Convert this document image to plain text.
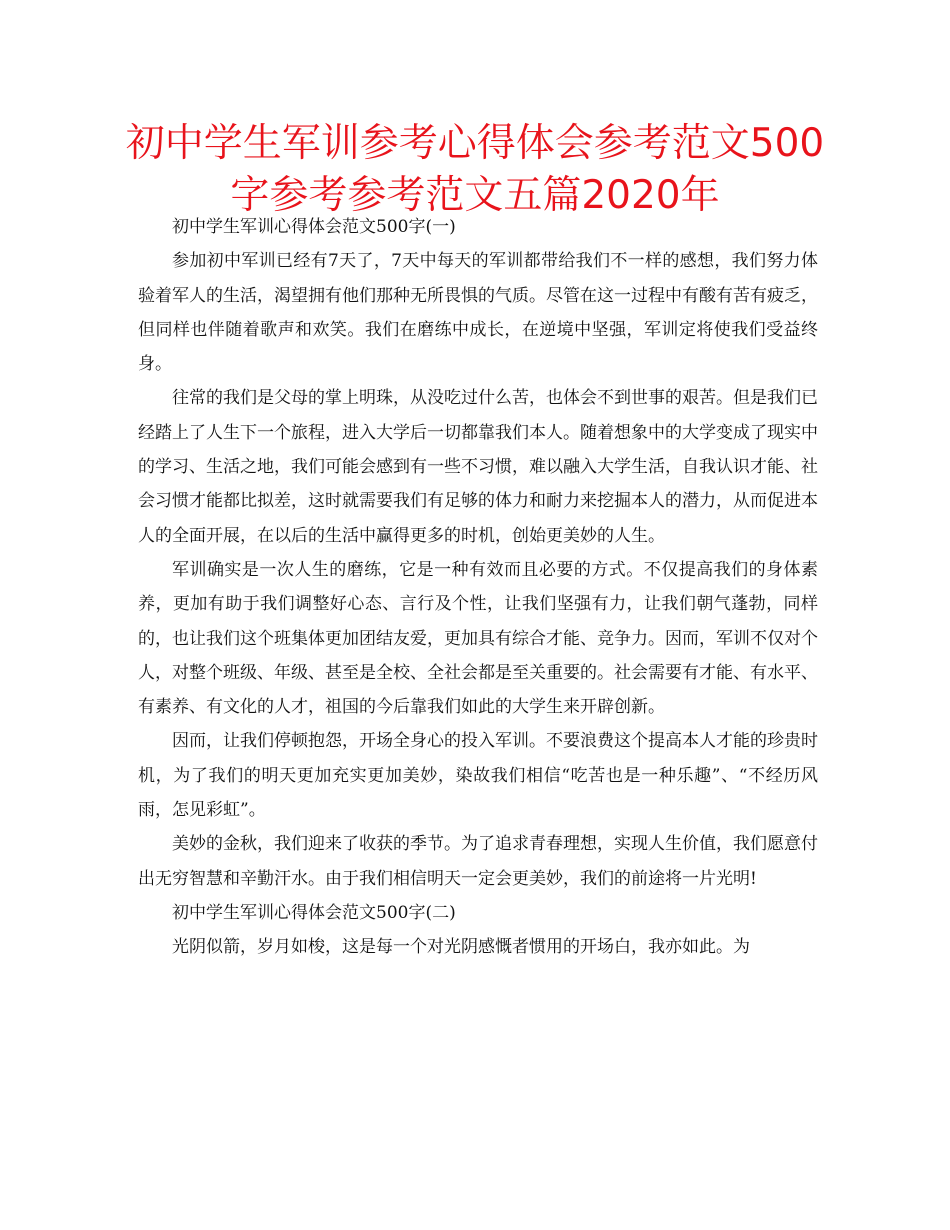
初中学生军训参考心得体会参考范文500字参考参考范文五篇2020年

初中学生军训心得体会范文500字(一)

参加初中军训已经有7天了，7天中每天的军训都带给我们不一样的感想，我们努力体验着军人的生活，渴望拥有他们那种无所畏惧的气质。尽管在这一过程中有酸有苦有疲乏，但同样也伴随着歌声和欢笑。我们在磨练中成长，在逆境中坚强，军训定将使我们受益终身。

往常的我们是父母的掌上明珠，从没吃过什么苦，也体会不到世事的艰苦。但是我们已经踏上了人生下一个旅程，进入大学后一切都靠我们本人。随着想象中的大学变成了现实中的学习、生活之地，我们可能会感到有一些不习惯，难以融入大学生活，自我认识才能、社会习惯才能都比拟差，这时就需要我们有足够的体力和耐力来挖掘本人的潜力，从而促进本人的全面开展，在以后的生活中赢得更多的时机，创始更美妙的人生。

军训确实是一次人生的磨练，它是一种有效而且必要的方式。不仅提高我们的身体素养，更加有助于我们调整好心态、言行及个性，让我们坚强有力，让我们朝气蓬勃，同样的，也让我们这个班集体更加团结友爱，更加具有综合才能、竞争力。因而，军训不仅对个人，对整个班级、年级、甚至是全校、全社会都是至关重要的。社会需要有才能、有水平、有素养、有文化的人才，祖国的今后靠我们如此的大学生来开辟创新。

因而，让我们停顿抱怨，开场全身心的投入军训。不要浪费这个提高本人才能的珍贵时机，为了我们的明天更加充实更加美妙，染故我们相信“吃苦也是一种乐趣”、“不经历风雨，怎见彩虹”。

美妙的金秋，我们迎来了收获的季节。为了追求青春理想，实现人生价值，我们愿意付出无穷智慧和辛勤汗水。由于我们相信明天一定会更美妙，我们的前途将一片光明!

初中学生军训心得体会范文500字(二)

光阴似箭，岁月如梭，这是每一个对光阴感慨者惯用的开场白，我亦如此。为
